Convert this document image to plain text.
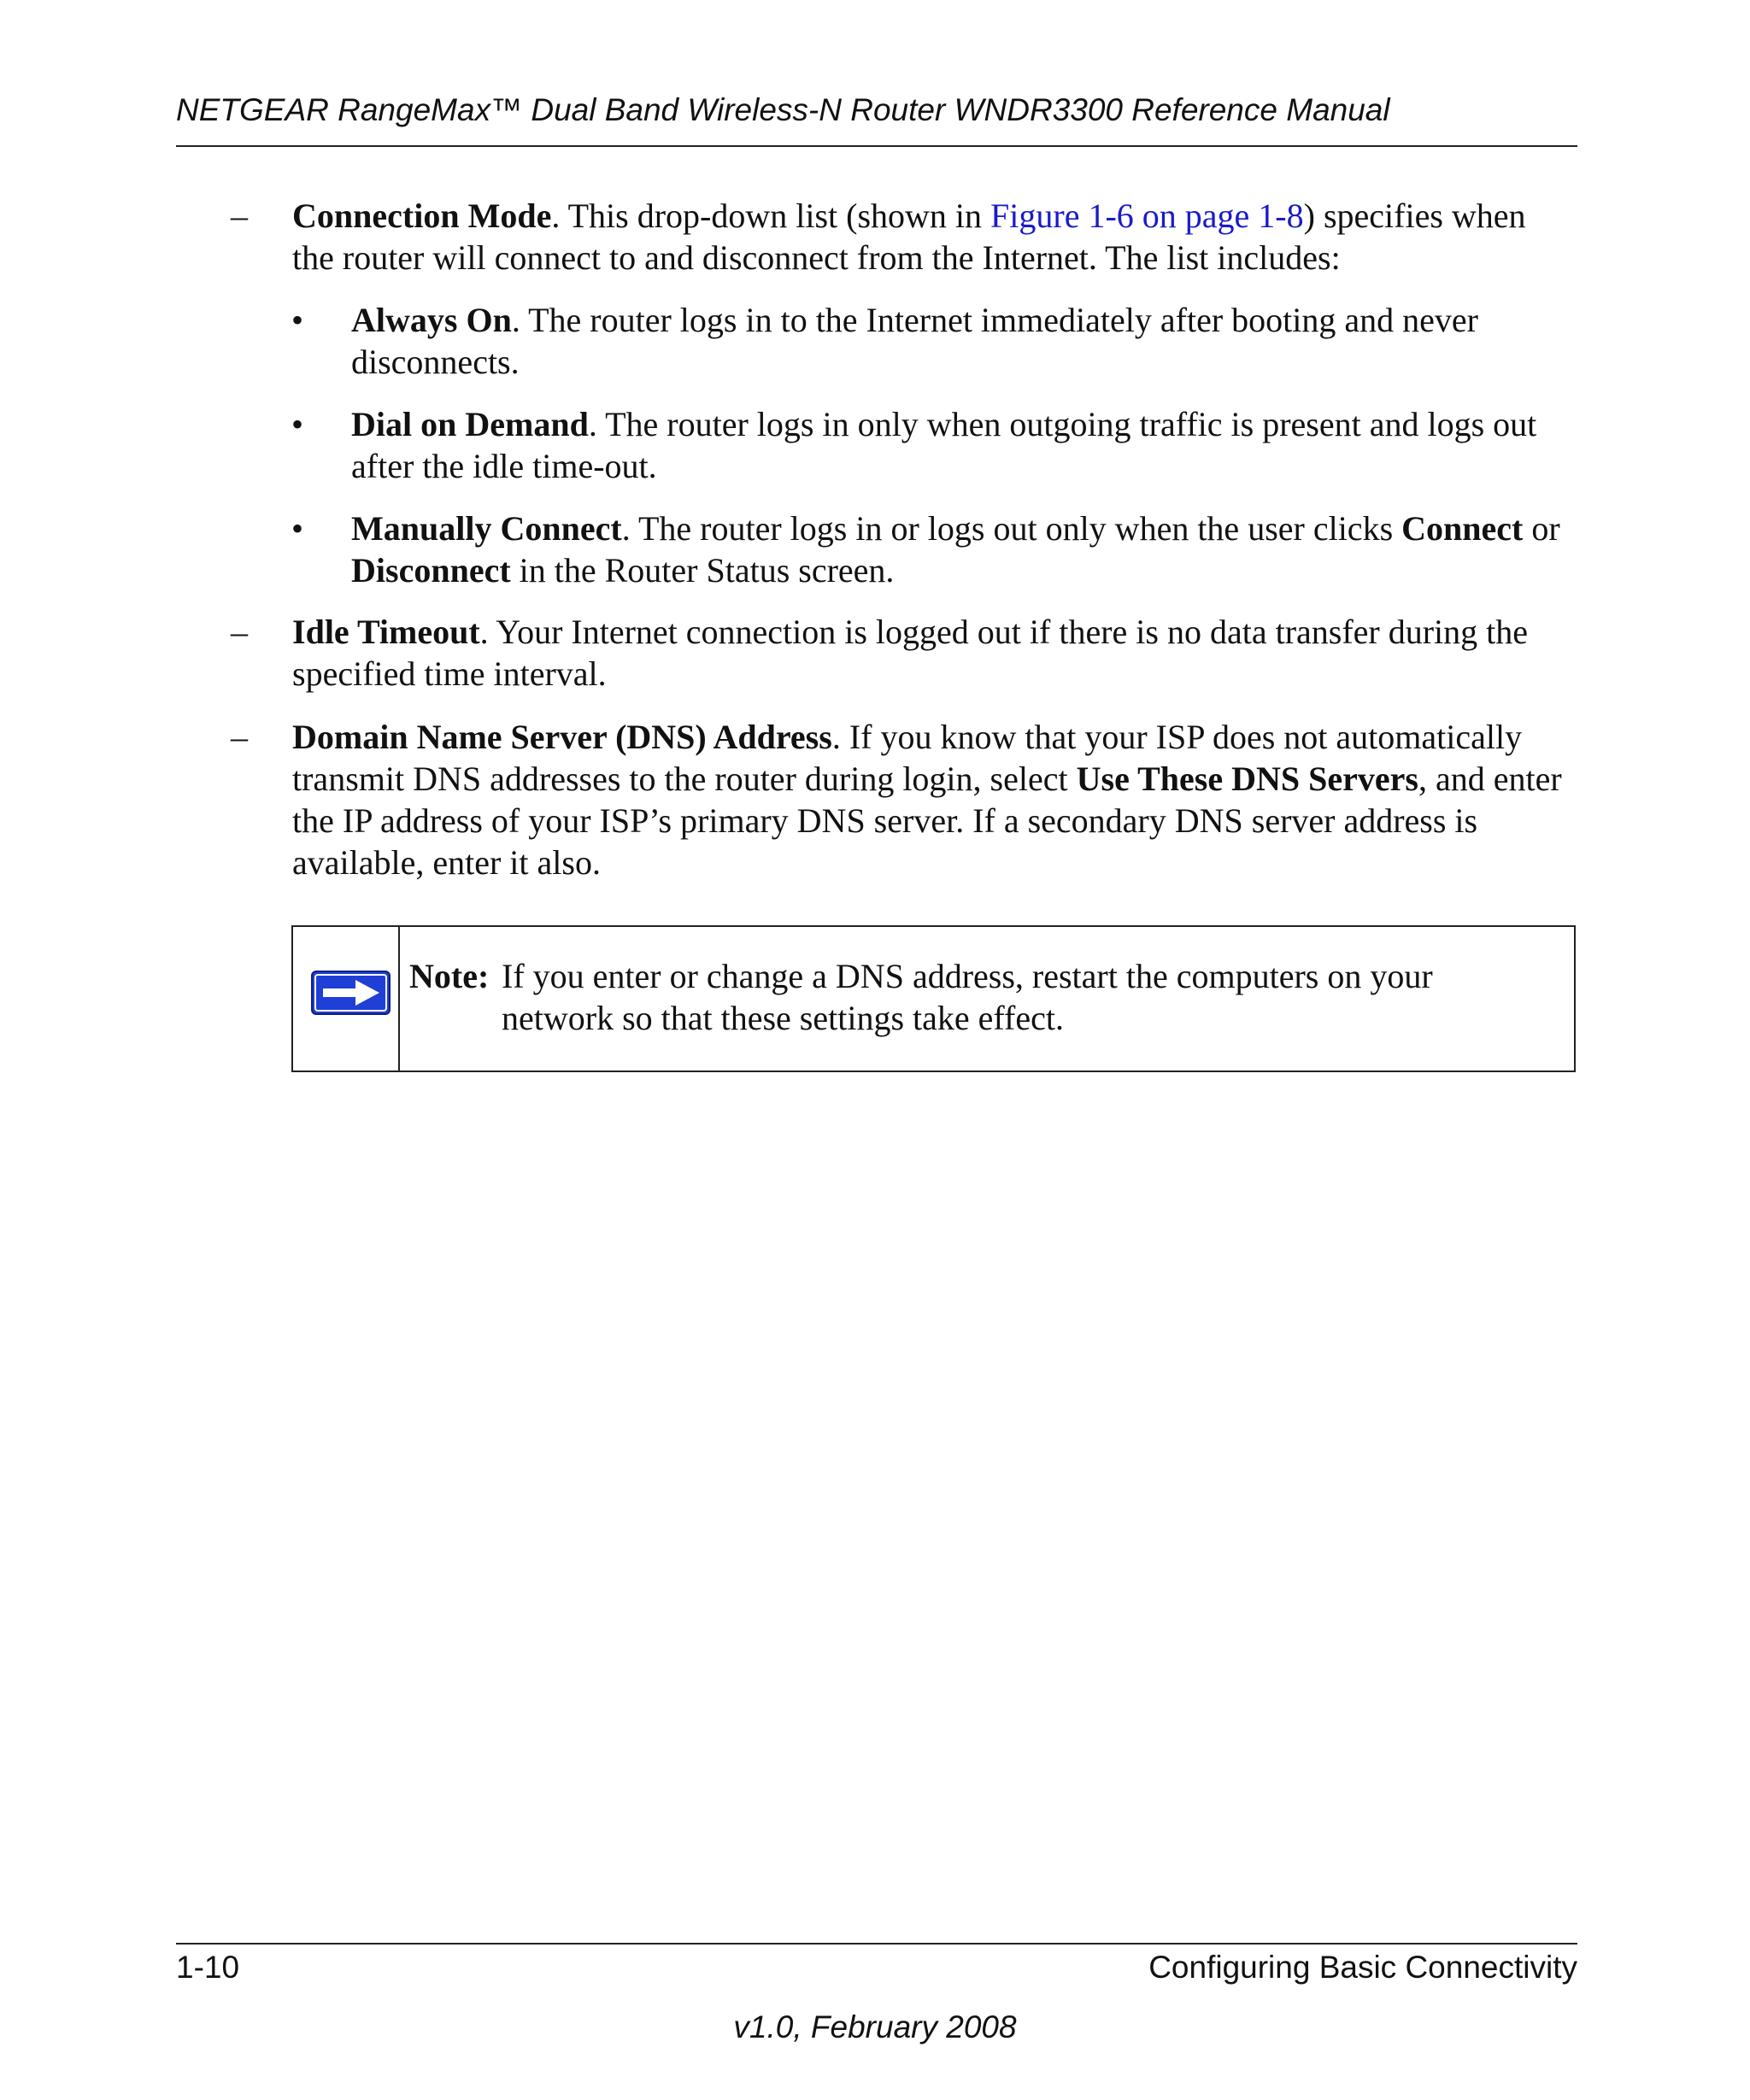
NETGEAR RangeMax™ Dual Band Wireless-N Router WNDR3300 Reference Manual
– Connection Mode. This drop-down list (shown in Figure 1-6 on page 1-8) specifies when the router will connect to and disconnect from the Internet. The list includes:
• Always On. The router logs in to the Internet immediately after booting and never disconnects.
• Dial on Demand. The router logs in only when outgoing traffic is present and logs out after the idle time-out.
• Manually Connect. The router logs in or logs out only when the user clicks Connect or Disconnect in the Router Status screen.
– Idle Timeout. Your Internet connection is logged out if there is no data transfer during the specified time interval.
– Domain Name Server (DNS) Address. If you know that your ISP does not automatically transmit DNS addresses to the router during login, select Use These DNS Servers, and enter the IP address of your ISP’s primary DNS server. If a secondary DNS server address is available, enter it also.
Note: If you enter or change a DNS address, restart the computers on your network so that these settings take effect.
1-10	Configuring Basic Connectivity
v1.0, February 2008
